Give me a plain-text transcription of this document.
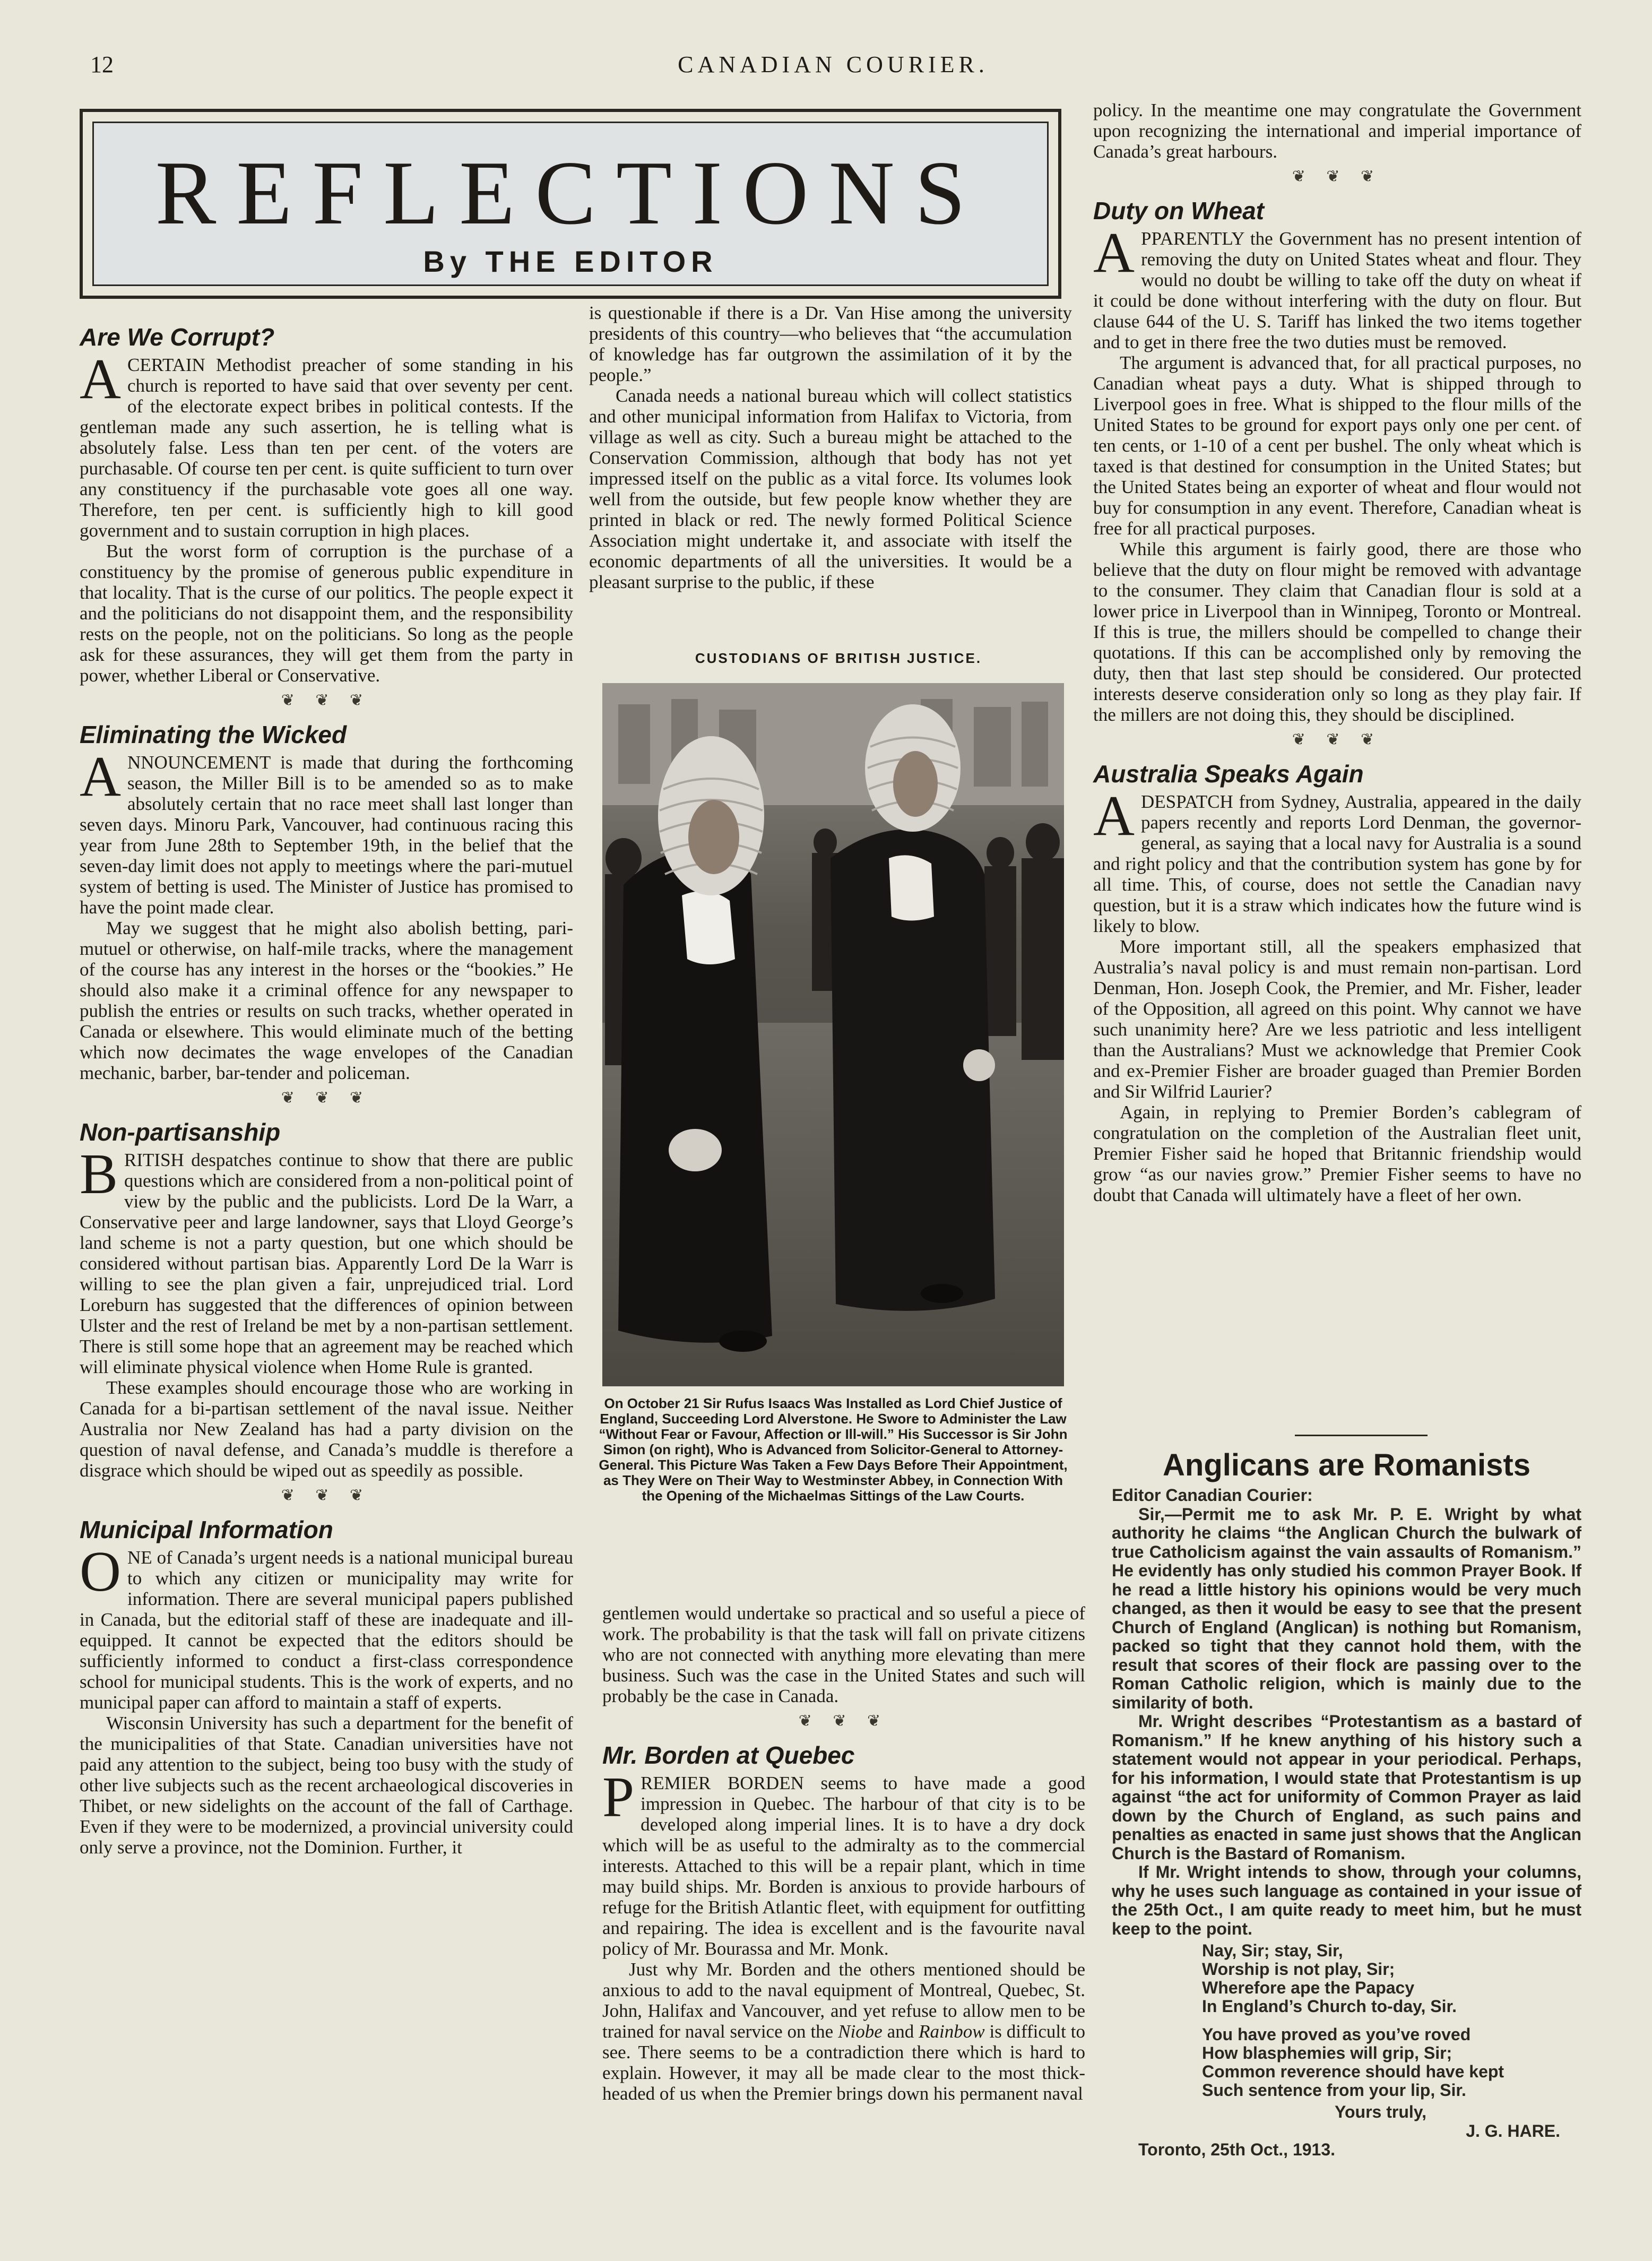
12	CANADIAN COURIER.
REFLECTIONS
By THE EDITOR
Are We Corrupt?

ACERTAIN Methodist preacher of some standing in his church is reported to have said that over seventy per cent. of the electorate expect bribes in political contests. If the gentleman made any such assertion, he is telling what is absolutely false. Less than ten per cent. of the voters are purchasable. Of course ten per cent. is quite sufficient to turn over any constituency if the purchasable vote goes all one way. Therefore, ten per cent. is sufficiently high to kill good government and to sustain corruption in high places.

But the worst form of corruption is the purchase of a constituency by the promise of generous public expenditure in that locality. That is the curse of our politics. The people expect it and the politicians do not disappoint them, and the responsibility rests on the people, not on the politicians. So long as the people ask for these assurances, they will get them from the party in power, whether Liberal or Conservative.

❦ ❦ ❦
Eliminating the Wicked

ANNOUNCEMENT is made that during the forthcoming season, the Miller Bill is to be amended so as to make absolutely certain that no race meet shall last longer than seven days. Minoru Park, Vancouver, had continuous racing this year from June 28th to September 19th, in the belief that the seven-day limit does not apply to meetings where the pari-mutuel system of betting is used. The Minister of Justice has promised to have the point made clear.

May we suggest that he might also abolish betting, pari-mutuel or otherwise, on half-mile tracks, where the management of the course has any interest in the horses or the “bookies.” He should also make it a criminal offence for any newspaper to publish the entries or results on such tracks, whether operated in Canada or elsewhere. This would eliminate much of the betting which now decimates the wage envelopes of the Canadian mechanic, barber, bar-tender and policeman.

❦ ❦ ❦
Non-partisanship

BRITISH despatches continue to show that there are public questions which are considered from a non-political point of view by the public and the publicists. Lord De la Warr, a Conservative peer and large landowner, says that Lloyd George’s land scheme is not a party question, but one which should be considered without partisan bias. Apparently Lord De la Warr is willing to see the plan given a fair, unprejudiced trial. Lord Loreburn has suggested that the differences of opinion between Ulster and the rest of Ireland be met by a non-partisan settlement. There is still some hope that an agreement may be reached which will eliminate physical violence when Home Rule is granted.

These examples should encourage those who are working in Canada for a bi-partisan settlement of the naval issue. Neither Australia nor New Zealand has had a party division on the question of naval defense, and Canada’s muddle is therefore a disgrace which should be wiped out as speedily as possible.

❦ ❦ ❦
Municipal Information

ONE of Canada’s urgent needs is a national municipal bureau to which any citizen or municipality may write for information. There are several municipal papers published in Canada, but the editorial staff of these are inadequate and ill-equipped. It cannot be expected that the editors should be sufficiently informed to conduct a first-class correspondence school for municipal students. This is the work of experts, and no municipal paper can afford to maintain a staff of experts.

Wisconsin University has such a department for the benefit of the municipalities of that State. Canadian universities have not paid any attention to the subject, being too busy with the study of other live subjects such as the recent archaeological discoveries in Thibet, or new sidelights on the account of the fall of Carthage. Even if they were to be modernized, a provincial university could only serve a province, not the Dominion. Further, it

is questionable if there is a Dr. Van Hise among the university presidents of this country—who believes that “the accumulation of knowledge has far outgrown the assimilation of it by the people.”

Canada needs a national bureau which will collect statistics and other municipal information from Halifax to Victoria, from village as well as city. Such a bureau might be attached to the Conservation Commission, although that body has not yet impressed itself on the public as a vital force. Its volumes look well from the outside, but few people know whether they are printed in black or red. The newly formed Political Science Association might undertake it, and associate with itself the economic departments of all the universities. It would be a pleasant surprise to the public, if these

CUSTODIANS OF BRITISH JUSTICE.
On October 21 Sir Rufus Isaacs Was Installed as Lord Chief Justice of England, Succeeding Lord Alverstone. He Swore to Administer the Law “Without Fear or Favour, Affection or Ill-will.” His Successor is Sir John Simon (on right), Who is Advanced from Solicitor-General to Attorney-General. This Picture Was Taken a Few Days Before Their Appointment, as They Were on Their Way to Westminster Abbey, in Connection With the Opening of the Michaelmas Sittings of the Law Courts.

gentlemen would undertake so practical and so useful a piece of work. The probability is that the task will fall on private citizens who are not connected with anything more elevating than mere business. Such was the case in the United States and such will probably be the case in Canada.

❦ ❦ ❦
Mr. Borden at Quebec

PREMIER BORDEN seems to have made a good impression in Quebec. The harbour of that city is to be developed along imperial lines. It is to have a dry dock which will be as useful to the admiralty as to the commercial interests. Attached to this will be a repair plant, which in time may build ships. Mr. Borden is anxious to provide harbours of refuge for the British Atlantic fleet, with equipment for outfitting and repairing. The idea is excellent and is the favourite naval policy of Mr. Bourassa and Mr. Monk.

Just why Mr. Borden and the others mentioned should be anxious to add to the naval equipment of Montreal, Quebec, St. John, Halifax and Vancouver, and yet refuse to allow men to be trained for naval service on the Niobe and Rainbow is difficult to see. There seems to be a contradiction there which is hard to explain. However, it may all be made clear to the most thick-headed of us when the Premier brings down his permanent naval

policy. In the meantime one may congratulate the Government upon recognizing the international and imperial importance of Canada’s great harbours.

❦ ❦ ❦
Duty on Wheat

APPARENTLY the Government has no present intention of removing the duty on United States wheat and flour. They would no doubt be willing to take off the duty on wheat if it could be done without interfering with the duty on flour. But clause 644 of the U. S. Tariff has linked the two items together and to get in there free the two duties must be removed.

The argument is advanced that, for all practical purposes, no Canadian wheat pays a duty. What is shipped through to Liverpool goes in free. What is shipped to the flour mills of the United States to be ground for export pays only one per cent. of ten cents, or 1-10 of a cent per bushel. The only wheat which is taxed is that destined for consumption in the United States; but the United States being an exporter of wheat and flour would not buy for consumption in any event. Therefore, Canadian wheat is free for all practical purposes.

While this argument is fairly good, there are those who believe that the duty on flour might be removed with advantage to the consumer. They claim that Canadian flour is sold at a lower price in Liverpool than in Winnipeg, Toronto or Montreal. If this is true, the millers should be compelled to change their quotations. If this can be accomplished only by removing the duty, then that last step should be considered. Our protected interests deserve consideration only so long as they play fair. If the millers are not doing this, they should be disciplined.

❦ ❦ ❦
Australia Speaks Again

ADESPATCH from Sydney, Australia, appeared in the daily papers recently and reports Lord Denman, the governor-general, as saying that a local navy for Australia is a sound and right policy and that the contribution system has gone by for all time. This, of course, does not settle the Canadian navy question, but it is a straw which indicates how the future wind is likely to blow.

More important still, all the speakers emphasized that Australia’s naval policy is and must remain non-partisan. Lord Denman, Hon. Joseph Cook, the Premier, and Mr. Fisher, leader of the Opposition, all agreed on this point. Why cannot we have such unanimity here? Are we less patriotic and less intelligent than the Australians? Must we acknowledge that Premier Cook and ex-Premier Fisher are broader guaged than Premier Borden and Sir Wilfrid Laurier?

Again, in replying to Premier Borden’s cablegram of congratulation on the completion of the Australian fleet unit, Premier Fisher said he hoped that Britannic friendship would grow “as our navies grow.” Premier Fisher seems to have no doubt that Canada will ultimately have a fleet of her own.

Anglicans are Romanists

Editor Canadian Courier:

Sir,—Permit me to ask Mr. P. E. Wright by what authority he claims “the Anglican Church the bulwark of true Catholicism against the vain assaults of Romanism.” He evidently has only studied his common Prayer Book. If he read a little history his opinions would be very much changed, as then it would be easy to see that the present Church of England (Anglican) is nothing but Romanism, packed so tight that they cannot hold them, with the result that scores of their flock are passing over to the Roman Catholic religion, which is mainly due to the similarity of both.

Mr. Wright describes “Protestantism as a bastard of Romanism.” If he knew anything of his history such a statement would not appear in your periodical. Perhaps, for his information, I would state that Protestantism is up against “the act for uniformity of Common Prayer as laid down by the Church of England, as such pains and penalties as enacted in same just shows that the Anglican Church is the Bastard of Romanism.

If Mr. Wright intends to show, through your columns, why he uses such language as contained in your issue of the 25th Oct., I am quite ready to meet him, but he must keep to the point.

Nay, Sir; stay, Sir,
Worship is not play, Sir;
Wherefore ape the Papacy
In England’s Church to-day, Sir.
You have proved as you’ve roved
How blasphemies will grip, Sir;
Common reverence should have kept
Such sentence from your lip, Sir.
Yours truly,
J. G. HARE.
Toronto, 25th Oct., 1913.
